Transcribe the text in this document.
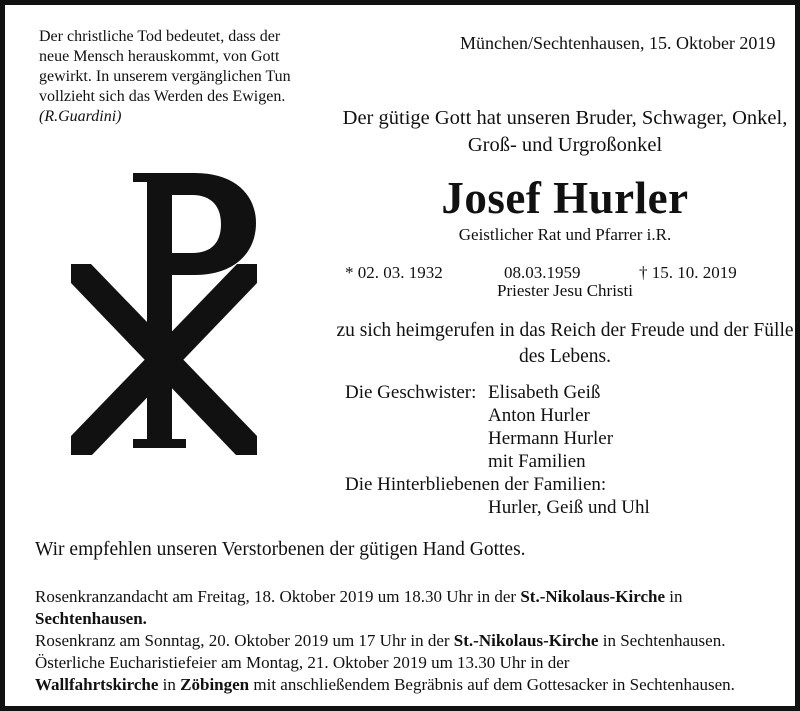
Der christliche Tod bedeutet, dass der
neue Mensch herauskommt, von Gott
gewirkt. In unserem vergänglichen Tun
vollzieht sich das Werden des Ewigen.
(R.Guardini)
München/Sechtenhausen, 15. Oktober 2019
Der gütige Gott hat unseren Bruder, Schwager, Onkel, Groß- und Urgroßonkel
Josef Hurler
Geistlicher Rat und Pfarrer i.R.
* 02. 03. 1932	08.03.1959	† 15. 10. 2019
Priester Jesu Christi
zu sich heimgerufen in das Reich der Freude und der Fülle des Lebens.
Die Geschwister: Elisabeth Geiß
Anton Hurler
Hermann Hurler
mit Familien
Die Hinterbliebenen der Familien:
Hurler, Geiß und Uhl
Wir empfehlen unseren Verstorbenen der gütigen Hand Gottes.
Rosenkranzandacht am Freitag, 18. Oktober 2019 um 18.30 Uhr in der St.-Nikolaus-Kirche in
Sechtenhausen.
Rosenkranz am Sonntag, 20. Oktober 2019 um 17 Uhr in der St.-Nikolaus-Kirche in Sechtenhausen.
Österliche Eucharistiefeier am Montag, 21. Oktober 2019 um 13.30 Uhr in der
Wallfahrtskirche in Zöbingen mit anschließendem Begräbnis auf dem Gottesacker in Sechtenhausen.
